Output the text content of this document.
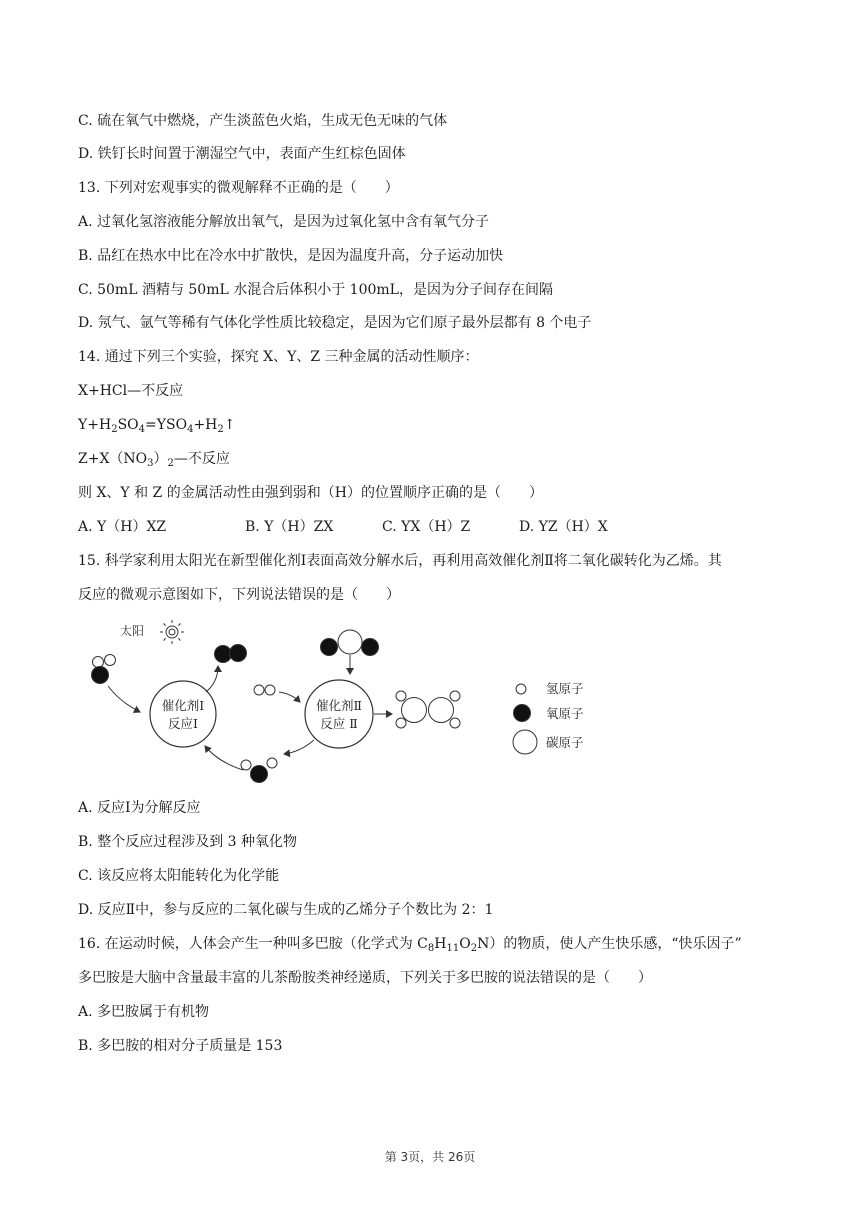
C. 硫在氧气中燃烧，产生淡蓝色火焰，生成无色无味的气体
D. 铁钉长时间置于潮湿空气中，表面产生红棕色固体
13. 下列对宏观事实的微观解释不正确的是（　　）
A. 过氧化氢溶液能分解放出氧气，是因为过氧化氢中含有氧气分子
B. 品红在热水中比在冷水中扩散快，是因为温度升高，分子运动加快
C. 50mL 酒精与 50mL 水混合后体积小于 100mL，是因为分子间存在间隔
D. 氖气、氩气等稀有气体化学性质比较稳定，是因为它们原子最外层都有 8 个电子
14. 通过下列三个实验，探究 X、Y、Z 三种金属的活动性顺序：
X+HCl—不反应
$Y+H_2SO_4=YSO_4+H_2↑$
$Z+X(NO_3)_2—$不反应
则 X、Y 和 Z 的金属活动性由强到弱和（H）的位置顺序正确的是（　　）
A. Y（H）XZ	B. Y（H）ZX	C. YX（H）Z	D. YZ（H）X
15. 科学家利用太阳光在新型催化剂Ⅰ表面高效分解水后，再利用高效催化剂Ⅱ将二氧化碳转化为乙烯。其
反应的微观示意图如下，下列说法错误的是（　　）
太阳
催化剂Ⅰ
反应Ⅰ
催化剂Ⅱ
反应 Ⅱ
氢原子
氧原子
碳原子
A. 反应Ⅰ为分解反应
B. 整个反应过程涉及到 3 种氧化物
C. 该反应将太阳能转化为化学能
D. 反应Ⅱ中，参与反应的二氧化碳与生成的乙烯分子个数比为 2：1
16. 在运动时候，人体会产生一种叫多巴胺（化学式为 $C_8H_{11}O_2N$）的物质，使人产生快乐感，“快乐因子”
多巴胺是大脑中含量最丰富的儿茶酚胺类神经递质，下列关于多巴胺的说法错误的是（　　）
A. 多巴胺属于有机物
B. 多巴胺的相对分子质量是 153
第 3页，共 26页
